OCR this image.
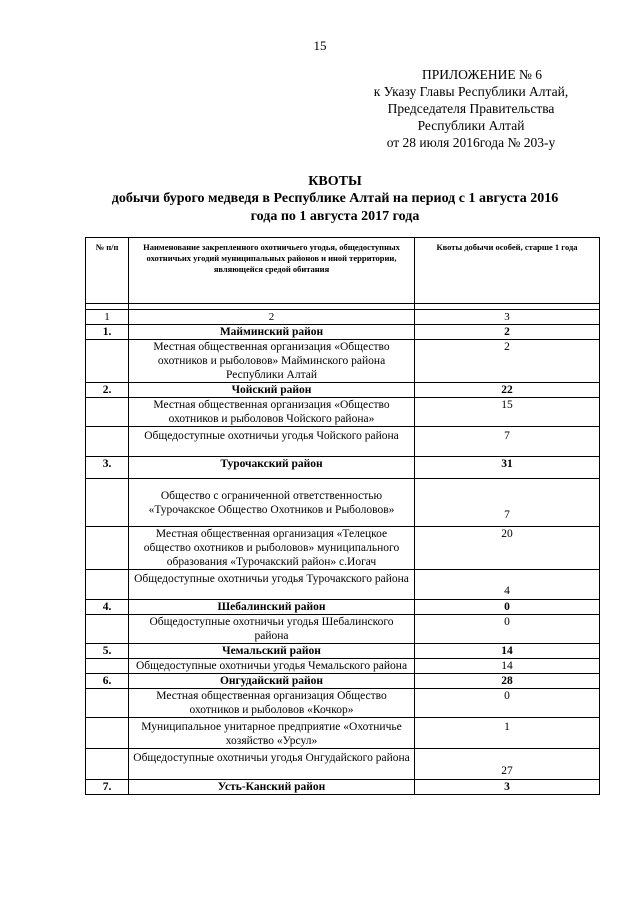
15
ПРИЛОЖЕНИЕ № 6
к Указу Главы Республики Алтай,
Председателя Правительства
Республики Алтай
от 28 июля 2016года № 203-у
КВОТЫ
добычи бурого медведя в Республике Алтай на период с 1 августа 2016
года по 1 августа 2017 года
№ п/п	Наименование закрепленного охотничьего угодья, общедоступных охотничьих угодий муниципальных районов и иной территории, являющейся средой обитания	Квоты добычи особей, старше 1 года

1	2	3
1.	Майминский район	2
	Местная общественная организация «Общество охотников и рыболовов» Майминского района Республики Алтай	2
2.	Чойский район	22
	Местная общественная организация «Общество охотников и рыболовов Чойского района»	15
	Общедоступные охотничьи угодья Чойского района	7
3.	Турочакский район	31
	Общество с ограниченной ответственностью «Турочакское Общество Охотников и Рыболовов»	7
	Местная общественная организация «Телецкое общество охотников и рыболовов» муниципального образования «Турочакский район» с.Иогач	20
	Общедоступные охотничьи угодья Турочакского района	4
4.	Шебалинский район	0
	Общедоступные охотничьи угодья Шебалинского района	0
5.	Чемальский район	14
	Общедоступные охотничьи угодья Чемальского района	14
6.	Онгудайский район	28
	Местная общественная организация Общество охотников и рыболовов «Кочкор»	0
	Муниципальное унитарное предприятие «Охотничье хозяйство «Урсул»	1
	Общедоступные охотничьи угодья Онгудайского района	27
7.	Усть-Канский район	3
